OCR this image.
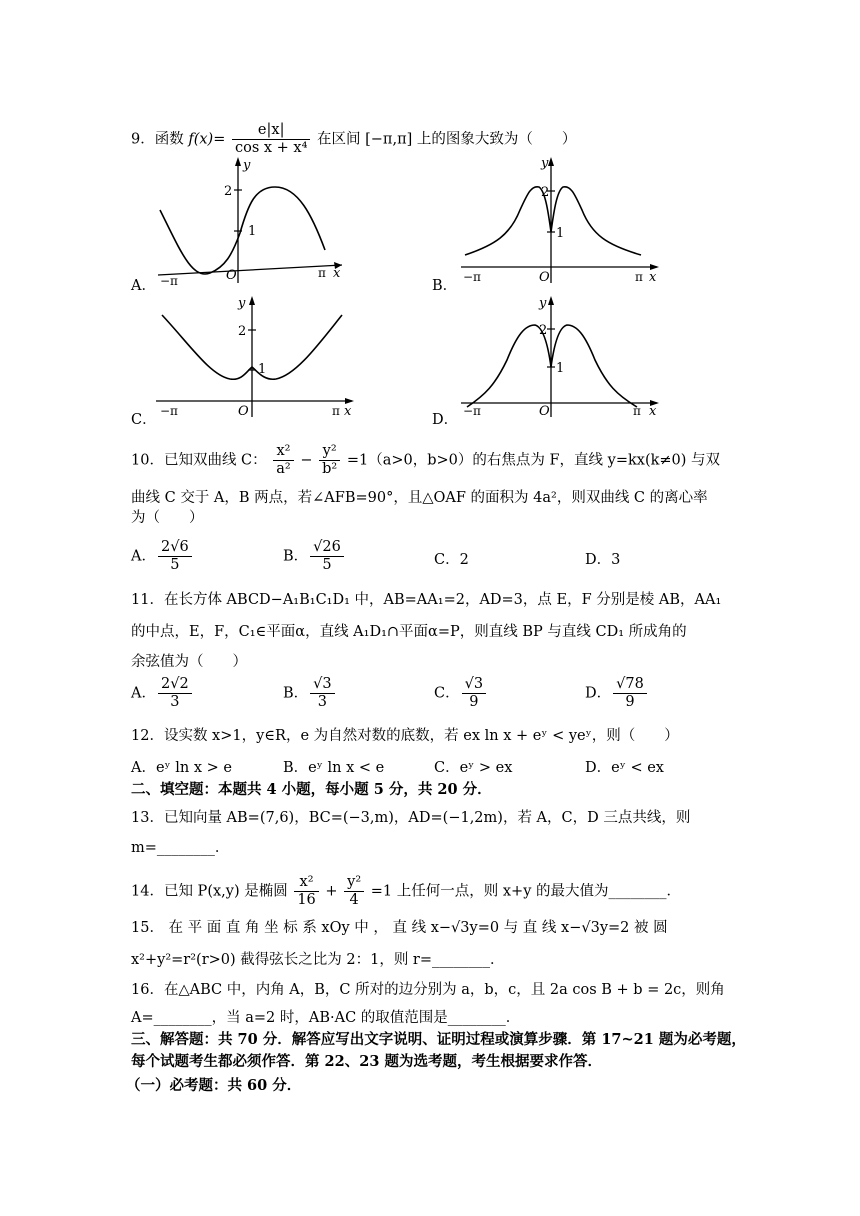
9．函数 $f(x)= \frac{e|x|}{\text{cos x + x⁴}}$ 在区间 [−π,π] 上的图象大致为（　　）
A．	B．
C．	D．
y
2
1
O
−π
π x
y
2
1
O
−π	π x
y
2
1
O
−π	π x
y
2
1
O
−π	π x
10．已知双曲线 C： $\frac{\text{x²}}{\text{a²}} - \frac{\text{y²}}{\text{b²}} =1(a>0$，b>0）的右焦点为 F，直线 y=kx(k≠0) 与双
曲线 C 交于 A，B 两点，若∠AFB=90°，且△OAF 的面积为 4a²，则双曲线 C 的离心率
为（　　）
A． $\frac{2√6}{5}$	B． $\frac{√26}{5}$	C．2	D．3
11．在长方体 ABCD−A₁B₁C₁D₁ 中，AB=AA₁=2，AD=3，点 E，F 分别是棱 AB，AA₁
的中点，E，F，C₁∈平面α，直线 A₁D₁∩平面α=P，则直线 BP 与直线 CD₁ 所成角的
余弦值为（　　）
A． $\frac{2√2}{3}$	B． $\frac{√3}{3}$	C． $\frac{√3}{9}$	D． $\frac{√78}{9}$
12．设实数 x>1，y∈R，e 为自然对数的底数，若 ex ln x + eʸ < yeʸ，则（　　）
A．eʸ ln x > e	B．eʸ ln x < e	C．eʸ > ex	D．eʸ < ex
二、填空题：本题共 4 小题，每小题 5 分，共 20 分．
13．已知向量 AB=(7,6)，BC=(−3,m)，AD=(−1,2m)，若 A，C，D 三点共线，则
m=________．
14．已知 P(x,y) 是椭圆 $\frac{\text{x²}}{16} + \frac{\text{y²}}{4} =1$ 上任何一点，则 x+y 的最大值为________．
15． 在 平 面 直 角 坐 标 系 xOy 中 ， 直 线 x−√3y=0 与 直 线 x−√3y=2 被 圆
x²+y²=r²(r>0) 截得弦长之比为 2：1，则 r=________．
16．在△ABC 中，内角 A，B，C 所对的边分别为 a，b，c，且 2a cos B + b = 2c，则角
A=________，当 a=2 时，AB·AC 的取值范围是________．
三、解答题：共 70 分．解答应写出文字说明、证明过程或演算步骤．第 17~21 题为必考题，
每个试题考生都必须作答．第 22、23 题为选考题，考生根据要求作答．
（一）必考题：共 60 分．
